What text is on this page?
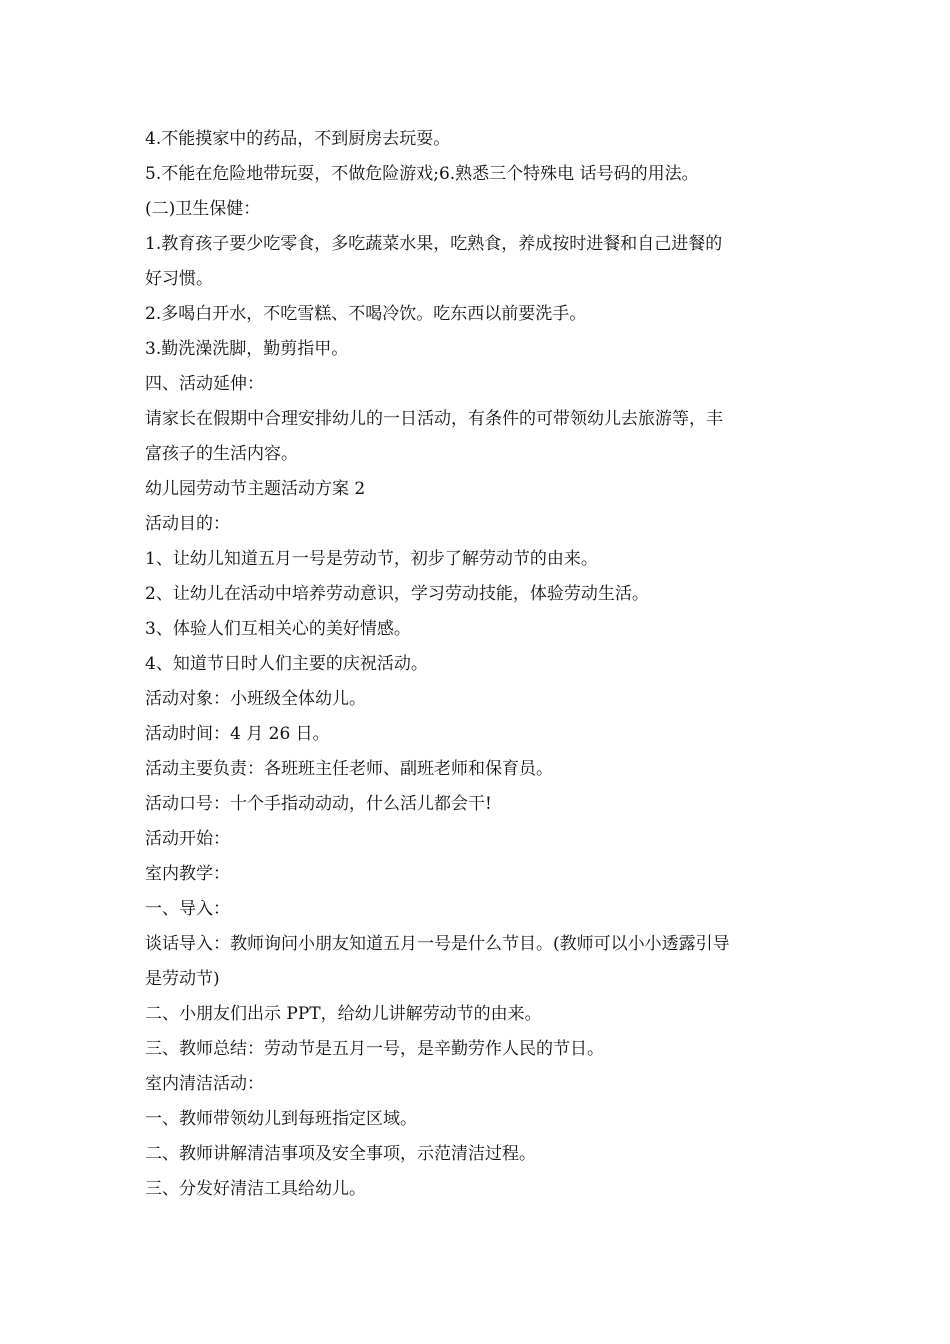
4.不能摸家中的药品，不到厨房去玩耍。
5.不能在危险地带玩耍，不做危险游戏;6.熟悉三个特殊电 话号码的用法。
(二)卫生保健：
1.教育孩子要少吃零食，多吃蔬菜水果，吃熟食，养成按时进餐和自己进餐的
好习惯。
2.多喝白开水，不吃雪糕、不喝冷饮。吃东西以前要洗手。
3.勤洗澡洗脚，勤剪指甲。
四、活动延伸：
请家长在假期中合理安排幼儿的一日活动，有条件的可带领幼儿去旅游等，丰
富孩子的生活内容。
幼儿园劳动节主题活动方案 2
活动目的：
1、让幼儿知道五月一号是劳动节，初步了解劳动节的由来。
2、让幼儿在活动中培养劳动意识，学习劳动技能，体验劳动生活。
3、体验人们互相关心的美好情感。
4、知道节日时人们主要的庆祝活动。
活动对象：小班级全体幼儿。
活动时间：4 月 26 日。
活动主要负责：各班班主任老师、副班老师和保育员。
活动口号：十个手指动动动，什么活儿都会干!
活动开始：
室内教学：
一、导入：
谈话导入：教师询问小朋友知道五月一号是什么节目。(教师可以小小透露引导
是劳动节)
二、小朋友们出示 PPT，给幼儿讲解劳动节的由来。
三、教师总结：劳动节是五月一号，是辛勤劳作人民的节日。
室内清洁活动：
一、教师带领幼儿到每班指定区域。
二、教师讲解清洁事项及安全事项，示范清洁过程。
三、分发好清洁工具给幼儿。
